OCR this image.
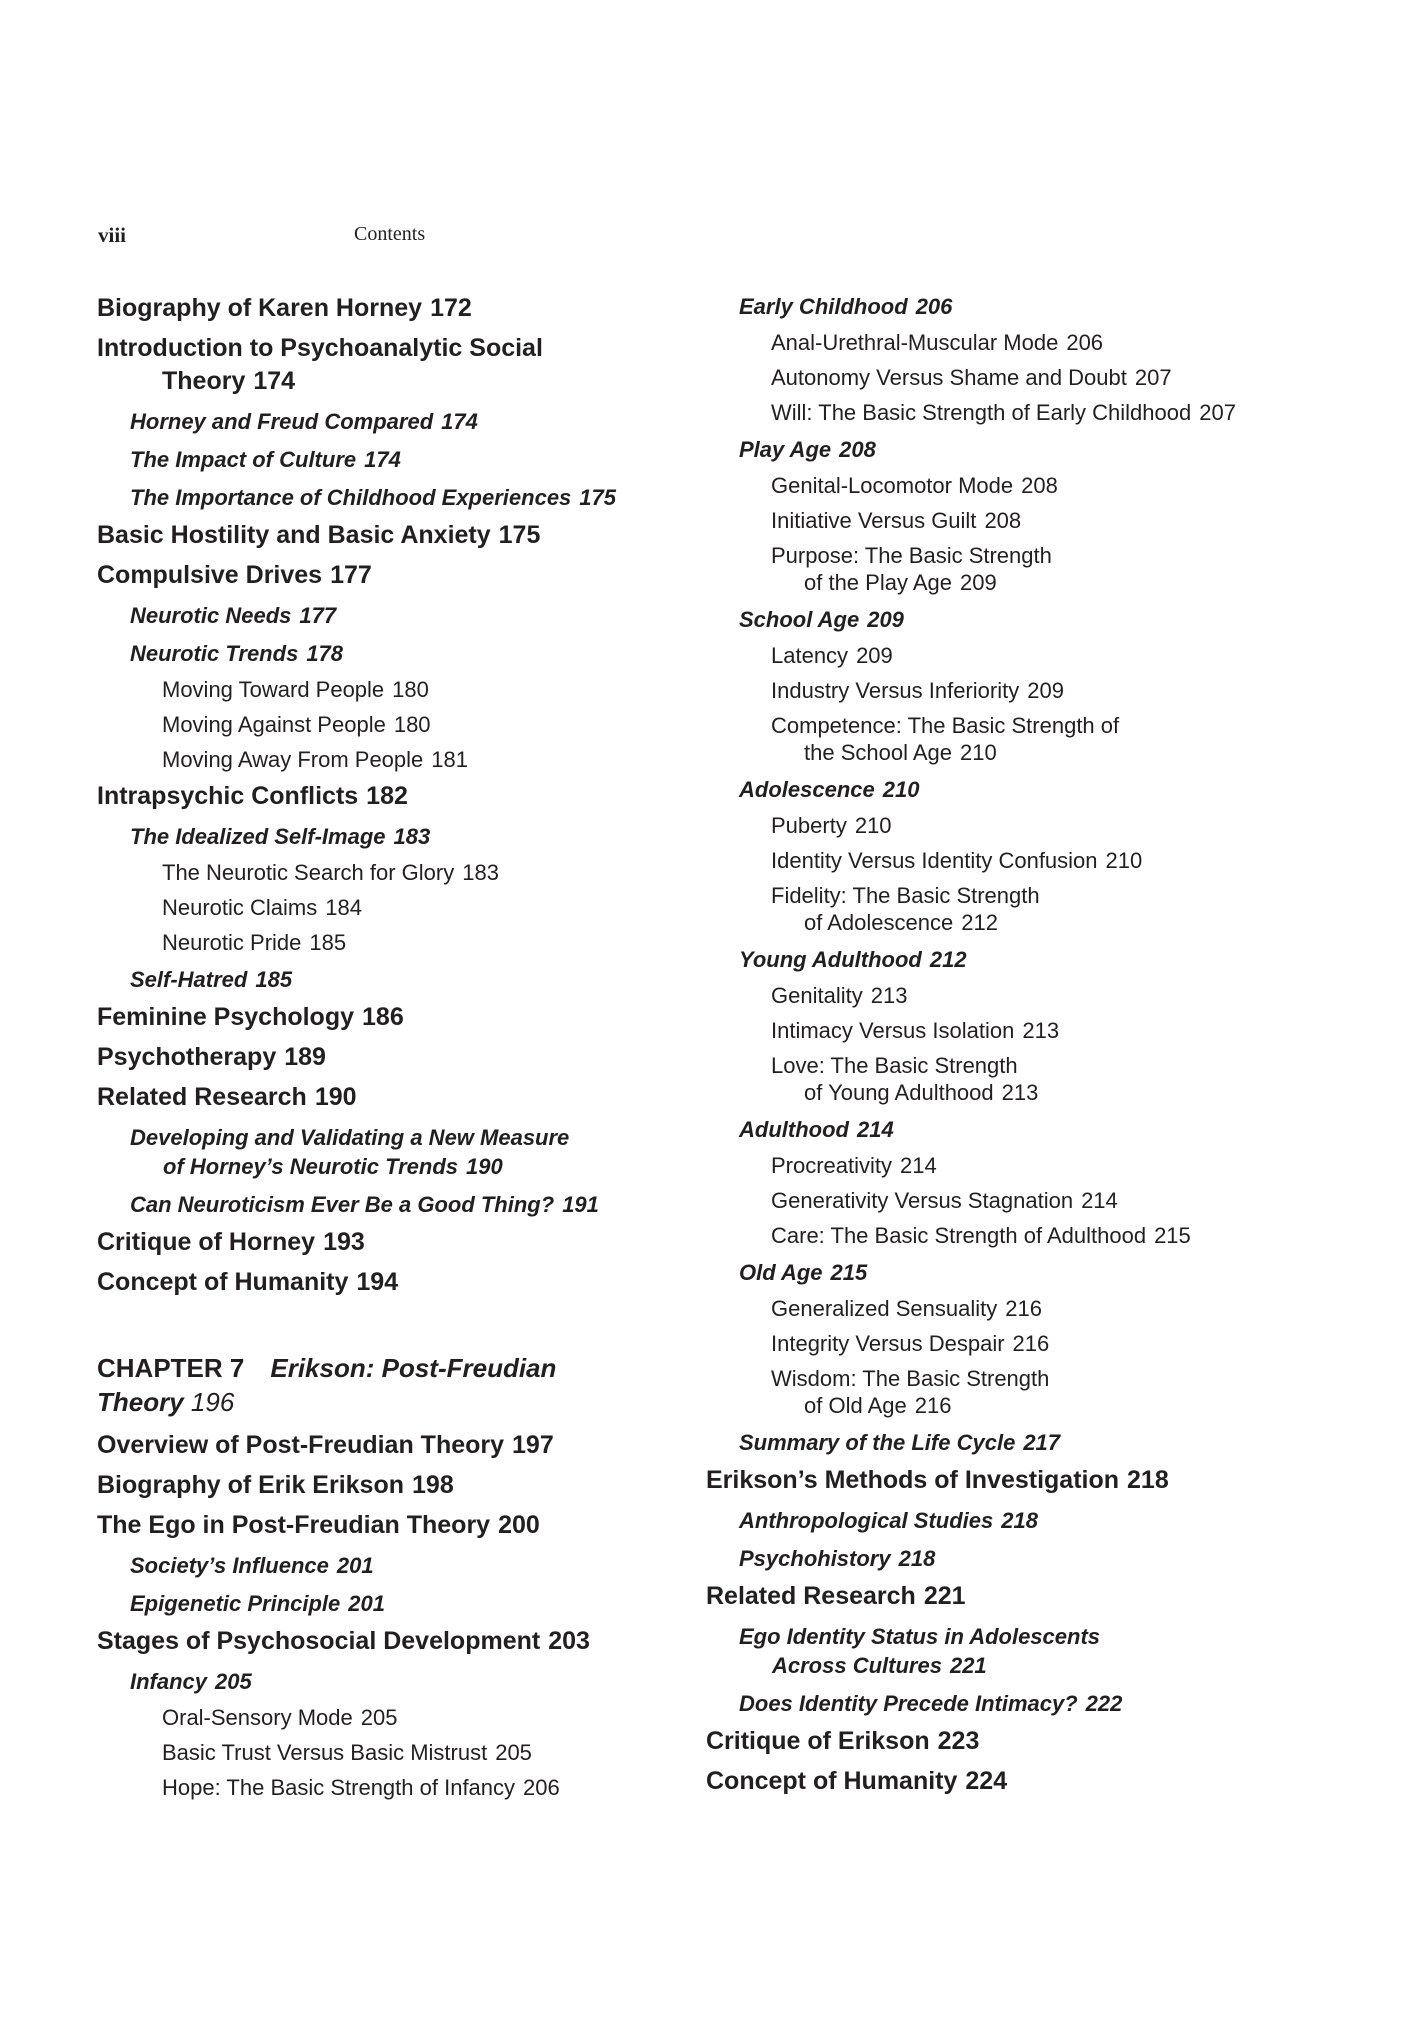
viii	Contents
Biography of Karen Horney 172
Introduction to Psychoanalytic Social
Theory 174
Horney and Freud Compared 174
The Impact of Culture 174
The Importance of Childhood Experiences 175
Basic Hostility and Basic Anxiety 175
Compulsive Drives 177
Neurotic Needs 177
Neurotic Trends 178
Moving Toward People 180
Moving Against People 180
Moving Away From People 181
Intrapsychic Conflicts 182
The Idealized Self-Image 183
The Neurotic Search for Glory 183
Neurotic Claims 184
Neurotic Pride 185
Self-Hatred 185
Feminine Psychology 186
Psychotherapy 189
Related Research 190
Developing and Validating a New Measure
of Horney’s Neurotic Trends 190
Can Neuroticism Ever Be a Good Thing? 191
Critique of Horney 193
Concept of Humanity 194
CHAPTER 7 Erikson: Post-Freudian
Theory 196
Overview of Post-Freudian Theory 197
Biography of Erik Erikson 198
The Ego in Post-Freudian Theory 200
Society’s Influence 201
Epigenetic Principle 201
Stages of Psychosocial Development 203
Infancy 205
Oral-Sensory Mode 205
Basic Trust Versus Basic Mistrust 205
Hope: The Basic Strength of Infancy 206
Early Childhood 206
Anal-Urethral-Muscular Mode 206
Autonomy Versus Shame and Doubt 207
Will: The Basic Strength of Early Childhood 207
Play Age 208
Genital-Locomotor Mode 208
Initiative Versus Guilt 208
Purpose: The Basic Strength
of the Play Age 209
School Age 209
Latency 209
Industry Versus Inferiority 209
Competence: The Basic Strength of
the School Age 210
Adolescence 210
Puberty 210
Identity Versus Identity Confusion 210
Fidelity: The Basic Strength
of Adolescence 212
Young Adulthood 212
Genitality 213
Intimacy Versus Isolation 213
Love: The Basic Strength
of Young Adulthood 213
Adulthood 214
Procreativity 214
Generativity Versus Stagnation 214
Care: The Basic Strength of Adulthood 215
Old Age 215
Generalized Sensuality 216
Integrity Versus Despair 216
Wisdom: The Basic Strength
of Old Age 216
Summary of the Life Cycle 217
Erikson’s Methods of Investigation 218
Anthropological Studies 218
Psychohistory 218
Related Research 221
Ego Identity Status in Adolescents
Across Cultures 221
Does Identity Precede Intimacy? 222
Critique of Erikson 223
Concept of Humanity 224
